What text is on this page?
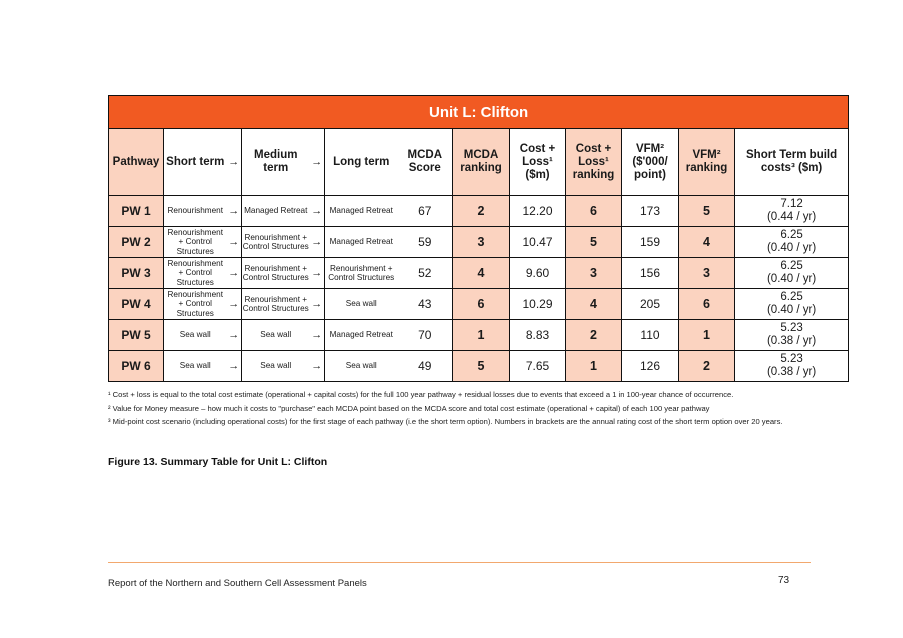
Unit L: Clifton												
Pathway	Short term	→	Medium term	→	Long term	MCDA Score	MCDA ranking	Cost + Loss¹ ($m)	Cost + Loss¹ ranking	VFM² ($'000/ point)	VFM² ranking	Short Term build costs³ ($m)
PW 1	Renourishment	→	Managed Retreat	→	Managed Retreat	67	2	12.20	6	173	5	7.12
(0.44 / yr)
PW 2	Renourishment + Control Structures	→	Renourishment + Control Structures	→	Managed Retreat	59	3	10.47	5	159	4	6.25
(0.40 / yr)
PW 3	Renourishment + Control Structures	→	Renourishment + Control Structures	→	Renourishment + Control Structures	52	4	9.60	3	156	3	6.25
(0.40 / yr)
PW 4	Renourishment + Control Structures	→	Renourishment + Control Structures	→	Sea wall	43	6	10.29	4	205	6	6.25
(0.40 / yr)
PW 5	Sea wall	→	Sea wall	→	Managed Retreat	70	1	8.83	2	110	1	5.23
(0.38 / yr)
PW 6	Sea wall	→	Sea wall	→	Sea wall	49	5	7.65	1	126	2	5.23
(0.38 / yr)

¹ Cost + loss is equal to the total cost estimate (operational + capital costs) for the full 100 year pathway + residual losses due to events that exceed a 1 in 100-year chance of occurrence.

² Value for Money measure – how much it costs to "purchase" each MCDA point based on the MCDA score and total cost estimate (operational + capital) of each 100 year pathway

³ Mid-point cost scenario (including operational costs) for the first stage of each pathway (i.e the short term option). Numbers in brackets are the annual rating cost of the short term option over 20 years.

Figure 13. Summary Table for Unit L: Clifton
Report of the Northern and Southern Cell Assessment Panels	73
